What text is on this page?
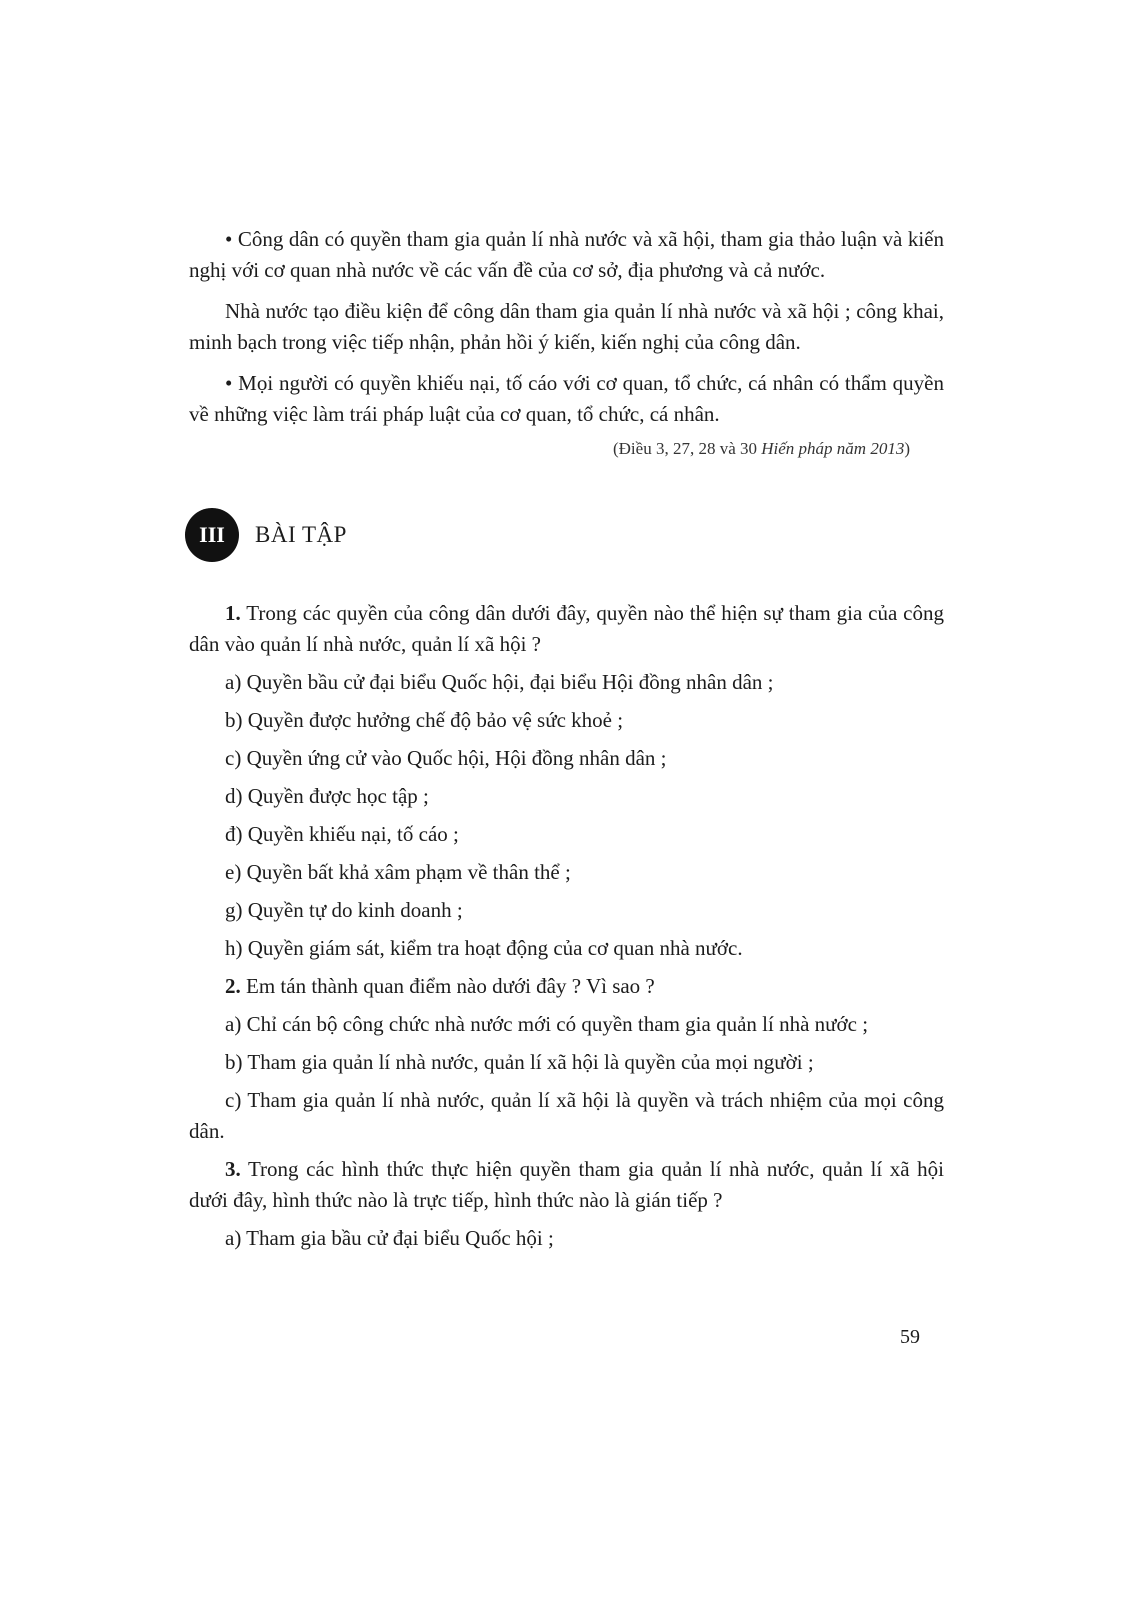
• Công dân có quyền tham gia quản lí nhà nước và xã hội, tham gia thảo luận và kiến nghị với cơ quan nhà nước về các vấn đề của cơ sở, địa phương và cả nước.

Nhà nước tạo điều kiện để công dân tham gia quản lí nhà nước và xã hội ; công khai, minh bạch trong việc tiếp nhận, phản hồi ý kiến, kiến nghị của công dân.

• Mọi người có quyền khiếu nại, tố cáo với cơ quan, tổ chức, cá nhân có thẩm quyền về những việc làm trái pháp luật của cơ quan, tổ chức, cá nhân.

(Điều 3, 27, 28 và 30 Hiến pháp năm 2013)

III	BÀI TẬP

1. Trong các quyền của công dân dưới đây, quyền nào thể hiện sự tham gia của công dân vào quản lí nhà nước, quản lí xã hội ?

a) Quyền bầu cử đại biểu Quốc hội, đại biểu Hội đồng nhân dân ;

b) Quyền được hưởng chế độ bảo vệ sức khoẻ ;

c) Quyền ứng cử vào Quốc hội, Hội đồng nhân dân ;

d) Quyền được học tập ;

đ) Quyền khiếu nại, tố cáo ;

e) Quyền bất khả xâm phạm về thân thể ;

g) Quyền tự do kinh doanh ;

h) Quyền giám sát, kiểm tra hoạt động của cơ quan nhà nước.

2. Em tán thành quan điểm nào dưới đây ? Vì sao ?

a) Chỉ cán bộ công chức nhà nước mới có quyền tham gia quản lí nhà nước ;

b) Tham gia quản lí nhà nước, quản lí xã hội là quyền của mọi người ;

c) Tham gia quản lí nhà nước, quản lí xã hội là quyền và trách nhiệm của mọi công dân.

3. Trong các hình thức thực hiện quyền tham gia quản lí nhà nước, quản lí xã hội dưới đây, hình thức nào là trực tiếp, hình thức nào là gián tiếp ?

a) Tham gia bầu cử đại biểu Quốc hội ;

59
